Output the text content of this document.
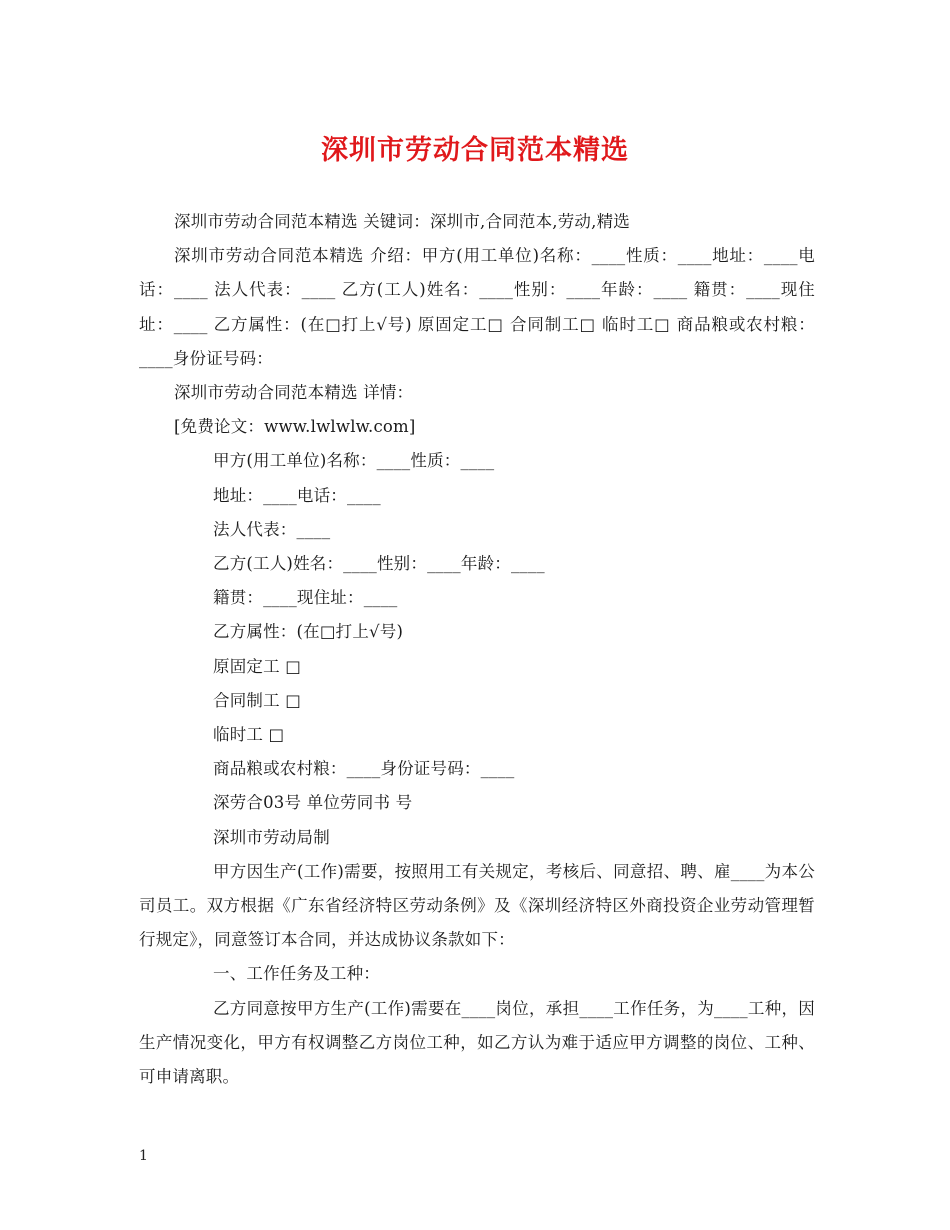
深圳市劳动合同范本精选

深圳市劳动合同范本精选 关键词：深圳市,合同范本,劳动,精选

深圳市劳动合同范本精选 介绍：甲方(用工单位)名称：____性质：____地址：____电话：____ 法人代表：____ 乙方(工人)姓名：____性别：____年龄：____ 籍贯：____现住址：____ 乙方属性：(在□打上√号) 原固定工□ 合同制工□ 临时工□ 商品粮或农村粮：____身份证号码：

深圳市劳动合同范本精选 详情：

[免费论文：www.lwlwlw.com]

甲方(用工单位)名称：____性质：____

地址：____电话：____

法人代表：____

乙方(工人)姓名：____性别：____年龄：____

籍贯：____现住址：____

乙方属性：(在□打上√号)

原固定工 □

合同制工 □

临时工 □

商品粮或农村粮：____身份证号码：____

深劳合03号 单位劳同书 号

深圳市劳动局制

甲方因生产(工作)需要，按照用工有关规定，考核后、同意招、聘、雇____为本公司员工。双方根据《广东省经济特区劳动条例》及《深圳经济特区外商投资企业劳动管理暂行规定》，同意签订本合同，并达成协议条款如下：

一、工作任务及工种：

乙方同意按甲方生产(工作)需要在____岗位，承担____工作任务，为____工种，因生产情况变化，甲方有权调整乙方岗位工种，如乙方认为难于适应甲方调整的岗位、工种、可申请离职。

1
